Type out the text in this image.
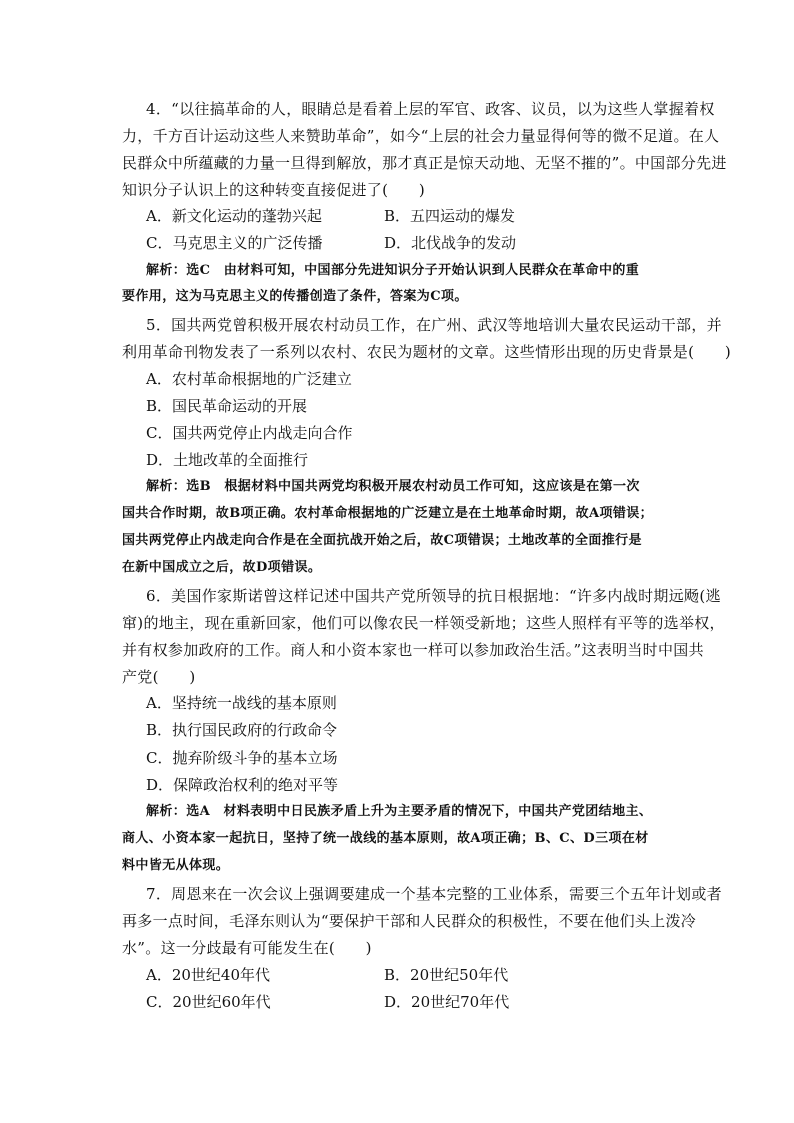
4．“以往搞革命的人，眼睛总是看着上层的军官、政客、议员，以为这些人掌握着权
力，千方百计运动这些人来赞助革命”，如今“上层的社会力量显得何等的微不足道。在人
民群众中所蕴藏的力量一旦得到解放，那才真正是惊天动地、无坚不摧的”。中国部分先进
知识分子认识上的这种转变直接促进了(　　)
A．新文化运动的蓬勃兴起	B．五四运动的爆发
C．马克思主义的广泛传播	D．北伐战争的发动
解析：选C　由材料可知，中国部分先进知识分子开始认识到人民群众在革命中的重
要作用，这为马克思主义的传播创造了条件，答案为C项。
5．国共两党曾积极开展农村动员工作，在广州、武汉等地培训大量农民运动干部，并
利用革命刊物发表了一系列以农村、农民为题材的文章。这些情形出现的历史背景是(　　)
A．农村革命根据地的广泛建立
B．国民革命运动的开展
C．国共两党停止内战走向合作
D．土地改革的全面推行
解析：选B　根据材料中国共两党均积极开展农村动员工作可知，这应该是在第一次
国共合作时期，故B项正确。农村革命根据地的广泛建立是在土地革命时期，故A项错误；
国共两党停止内战走向合作是在全面抗战开始之后，故C项错误；土地改革的全面推行是
在新中国成立之后，故D项错误。
6．美国作家斯诺曾这样记述中国共产党所领导的抗日根据地：“许多内战时期远飏(逃
窜)的地主，现在重新回家，他们可以像农民一样领受新地；这些人照样有平等的选举权，
并有权参加政府的工作。商人和小资本家也一样可以参加政治生活。”这表明当时中国共
产党(　　)
A．坚持统一战线的基本原则
B．执行国民政府的行政命令
C．抛弃阶级斗争的基本立场
D．保障政治权利的绝对平等
解析：选A　材料表明中日民族矛盾上升为主要矛盾的情况下，中国共产党团结地主、
商人、小资本家一起抗日，坚持了统一战线的基本原则，故A项正确；B、C、D三项在材
料中皆无从体现。
7．周恩来在一次会议上强调要建成一个基本完整的工业体系，需要三个五年计划或者
再多一点时间，毛泽东则认为“要保护干部和人民群众的积极性，不要在他们头上泼冷
水”。这一分歧最有可能发生在(　　)
A．20世纪40年代	B．20世纪50年代
C．20世纪60年代	D．20世纪70年代
